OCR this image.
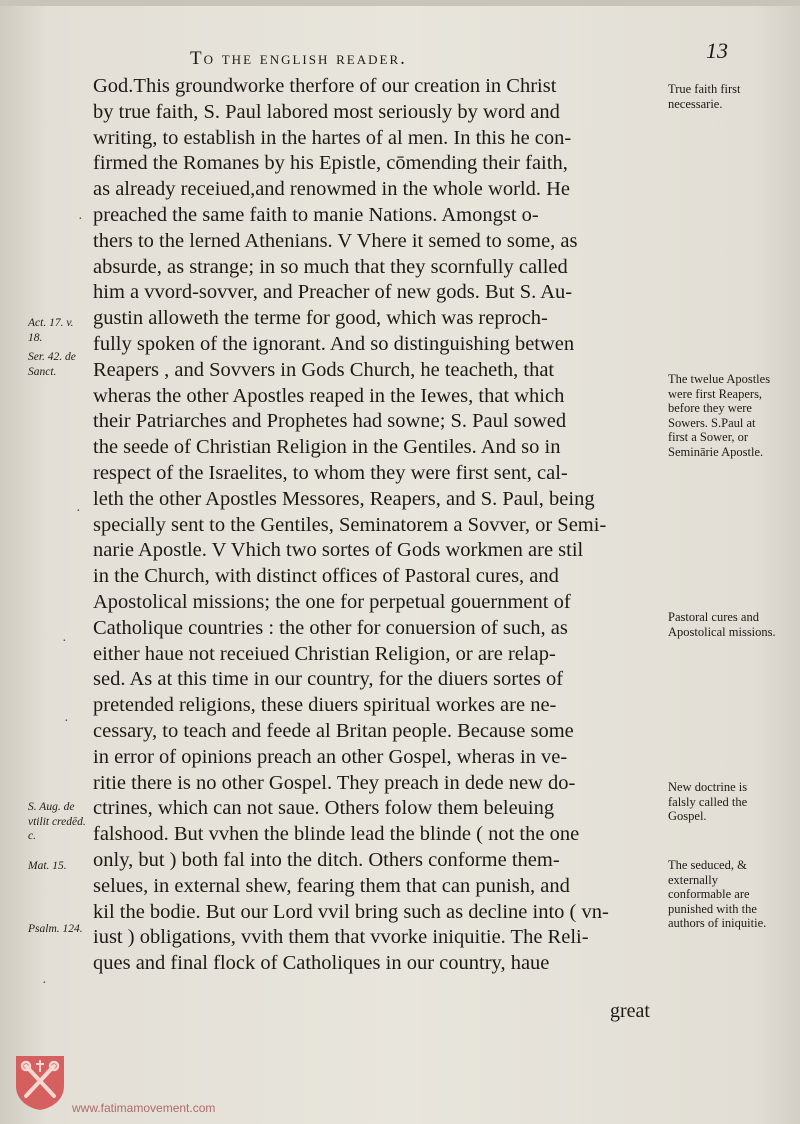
To the english reader.	13
God.This groundworke therfore of our creation in Christ
by true faith, S. Paul labored most seriously by word and
writing, to establish in the hartes of al men. In this he con-
firmed the Romanes by his Epistle, cōmending their faith,
as already receiued,and renowmed in the whole world. He
preached the same faith to manie Nations. Amongst o-
thers to the lerned Athenians. V Vhere it semed to some, as
absurde, as strange; in so much that they scornfully called
him a vvord-sovver, and Preacher of new gods. But S. Au-
gustin alloweth the terme for good, which was reproch-
fully spoken of the ignorant. And so distinguishing betwen
Reapers , and Sovvers in Gods Church, he teacheth, that
wheras the other Apostles reaped in the Iewes, that which
their Patriarches and Prophetes had sowne; S. Paul sowed
the seede of Christian Religion in the Gentiles. And so in
respect of the Israelites, to whom they were first sent, cal-
leth the other Apostles Messores, Reapers, and S. Paul, being
specially sent to the Gentiles, Seminatorem a Sovver, or Semi-
narie Apostle. V Vhich two sortes of Gods workmen are stil
in the Church, with distinct offices of Pastoral cures, and
Apostolical missions; the one for perpetual gouernment of
Catholique countries : the other for conuersion of such, as
either haue not receiued Christian Religion, or are relap-
sed. As at this time in our country, for the diuers sortes of
pretended religions, these diuers spiritual workes are ne-
cessary, to teach and feede al Britan people. Because some
in error of opinions preach an other Gospel, wheras in ve-
ritie there is no other Gospel. They preach in dede new do-
ctrines, which can not saue. Others folow them beleuing
falshood. But vvhen the blinde lead the blinde ( not the one
only, but ) both fal into the ditch. Others conforme them-
selues, in external shew, fearing them that can punish, and
kil the bodie. But our Lord vvil bring such as decline into ( vn-
iust ) obligations, vvith them that vvorke iniquitie. The Reli-
ques and final flock of Catholiques in our country, haue
great
True faith first necessarie.
The twelue Apostles were first Reapers, before they were Sowers. S.Paul at first a Sower, or Seminārie Apostle.
Pastoral cures and Apostolical missions.
New doctrine is falsly called the Gospel.
The seduced, & externally conformable are punished with the authors of iniquitie.
Act. 17. v. 18.
Ser. 42. de Sanct.
S. Aug. de vtilit credēd. c.
Mat. 15.
Psalm. 124.
·
·
·
·
·
www.fatimamovement.com
